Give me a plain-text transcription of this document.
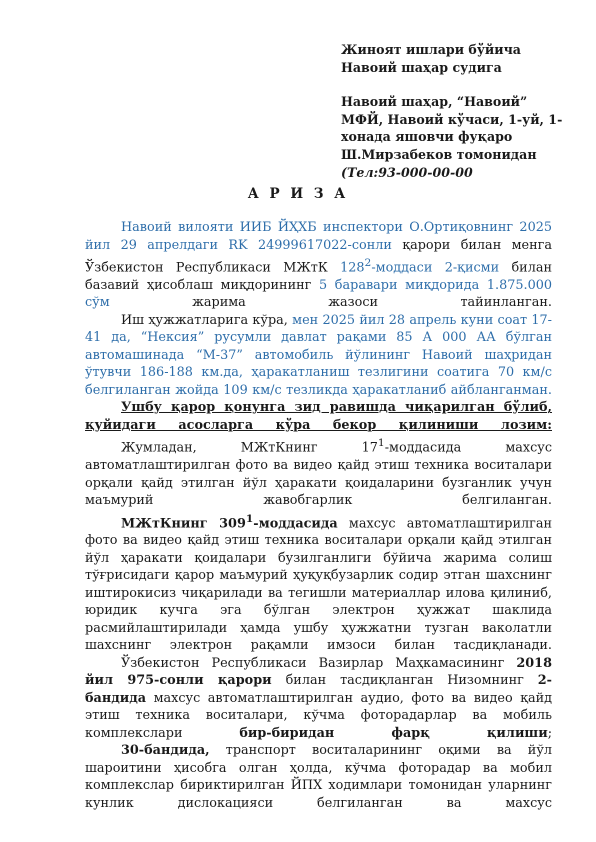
Жиноят ишлари бўйича
Навоий шаҳар судига
Навоий шаҳар, “Навоий”
МФЙ, Навоий кўчаси, 1-уй, 1-
хонада яшовчи фуқаро
Ш.Мирзабеков томонидан
(Тел:93-000-00-00
А Р И З А

Навоий вилояти ИИБ ЙҲХБ инспектори О.Ортиқовнинг 2025 йил 29 апрелдаги RK 24999617022-сонли қарори билан менга Ўзбекистон Республикаси МЖтК $128^2$-моддаси 2-қисми билан базавий ҳисоблаш миқдорининг 5 баравари миқдорида 1.875.000 сўм жарима жазоси тайинланган.

Иш ҳужжатларига кўра, мен 2025 йил 28 апрель куни соат 17-41 да, “Нексия” русумли давлат рақами 85 А 000 АА бўлган автомашинада “М-37” автомобиль йўлининг Навоий шаҳридан ўтувчи 186-188 км.да, ҳаракатланиш тезлигини соатига 70 км/с белгиланган жойда 109 км/с тезликда ҳаракатланиб айбланганман.

Ушбу қарор қонунга зид равишда чиқарилган бўлиб, қуйидаги асосларга кўра бекор қилиниши лозим:

Жумладан, МЖтКнинг $17^1$-моддасида махсус автоматлаштирилган фото ва видео қайд этиш техника воситалари орқали қайд этилган йўл ҳаракати қоидаларини бузганлик учун маъмурий жавобгарлик белгиланган.

МЖтКнинг $309^1$-моддасида махсус автоматлаштирилган фото ва видео қайд этиш техника воситалари орқали қайд этилган йўл ҳаракати қоидалари бузилганлиги бўйича жарима солиш тўғрисидаги қарор маъмурий ҳуқуқбузарлик содир этган шахснинг иштирокисиз чиқарилади ва тегишли материаллар илова қилиниб, юридик кучга эга бўлган электрон ҳужжат шаклида расмийлаштирилади ҳамда ушбу ҳужжатни тузган ваколатли шахснинг электрон рақамли имзоси билан тасдиқланади.

Ўзбекистон Республикаси Вазирлар Маҳкамасининг 2018 йил 975-сонли қарори билан тасдиқланган Низомнинг 2-бандида махсус автоматлаштирилган аудио, фото ва видео қайд этиш техника воситалари, кўчма фоторадарлар ва мобиль комплекслари бир-биридан фарқ қилиши;

30-бандида, транспорт воситаларининг оқими ва йўл шароитини ҳисобга олган ҳолда, кўчма фоторадар ва мобил комплекслар бириктирилган ЙПХ ходимлари томонидан уларнинг кунлик дислокацияси белгиланган ва махсус
